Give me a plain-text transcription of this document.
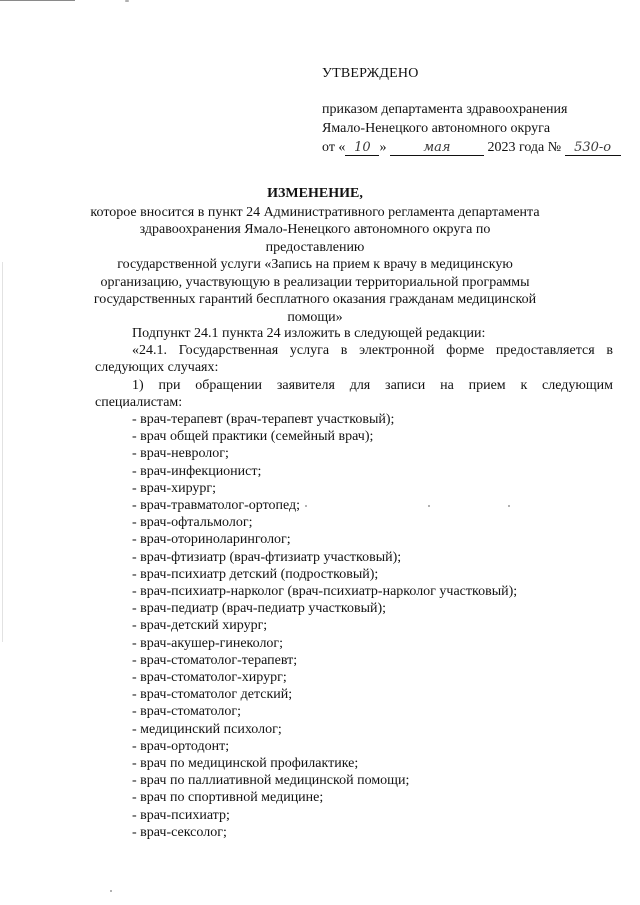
УТВЕРЖДЕНО
приказом департамента здравоохранения
Ямало-Ненецкого автономного округа
от « 10 »	мая	2023 года № 530-о
ИЗМЕНЕНИЕ,
которое вносится в пункт 24 Административного регламента департамента
здравоохранения Ямало-Ненецкого автономного округа по предоставлению
государственной услуги «Запись на прием к врачу в медицинскую
организацию, участвующую в реализации территориальной программы
государственных гарантий бесплатного оказания гражданам медицинской
помощи»

Подпункт 24.1 пункта 24 изложить в следующей редакции:

«24.1. Государственная услуга в электронной форме предоставляется в

следующих случаях:

1) при обращении заявителя для записи на прием к следующим

специалистам:

- врач-терапевт (врач-терапевт участковый);
- врач общей практики (семейный врач);
- врач-невролог;
- врач-инфекционист;
- врач-хирург;
- врач-травматолог-ортопед;
- врач-офтальмолог;
- врач-оториноларинголог;
- врач-фтизиатр (врач-фтизиатр участковый);
- врач-психиатр детский (подростковый);
- врач-психиатр-нарколог (врач-психиатр-нарколог участковый);
- врач-педиатр (врач-педиатр участковый);
- врач-детский хирург;
- врач-акушер-гинеколог;
- врач-стоматолог-терапевт;
- врач-стоматолог-хирург;
- врач-стоматолог детский;
- врач-стоматолог;
- медицинский психолог;
- врач-ортодонт;
- врач по медицинской профилактике;
- врач по паллиативной медицинской помощи;
- врач по спортивной медицине;
- врач-психиатр;
- врач-сексолог;
